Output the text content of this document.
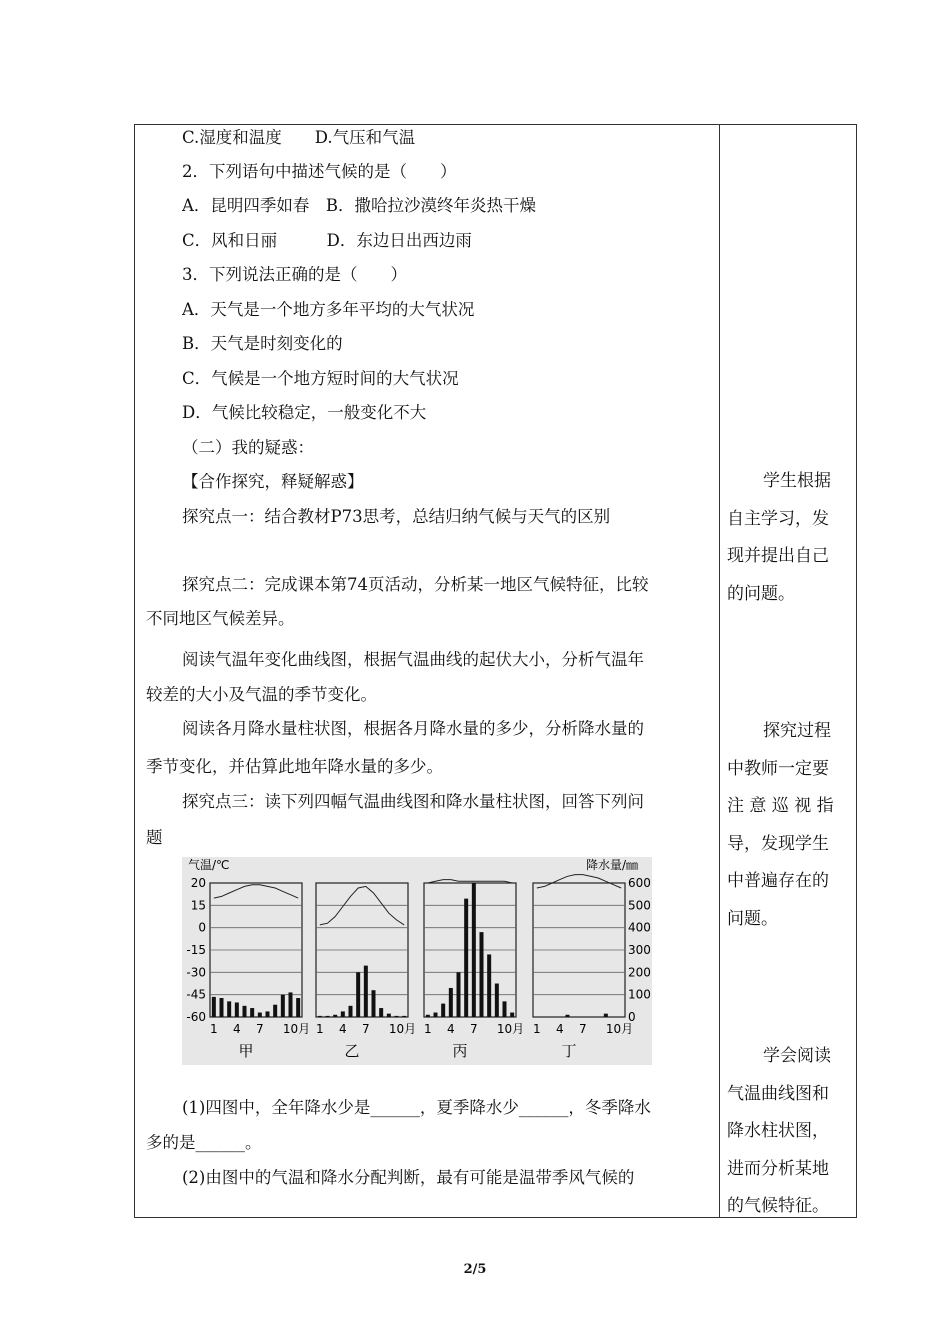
C.湿度和温度　　D.气压和气温
2．下列语句中描述气候的是（　　）
A．昆明四季如春　B．撒哈拉沙漠终年炎热干燥
C．风和日丽　　　D．东边日出西边雨
3．下列说法正确的是（　　）
A．天气是一个地方多年平均的大气状况
B．天气是时刻变化的
C．气候是一个地方短时间的大气状况
D．气候比较稳定，一般变化不大
（二）我的疑惑：
【合作探究，释疑解惑】
探究点一：结合教材P73思考，总结归纳气候与天气的区别
探究点二：完成课本第74页活动，分析某一地区气候特征，比较
不同地区气候差异。
阅读气温年变化曲线图，根据气温曲线的起伏大小，分析气温年
较差的大小及气温的季节变化。
阅读各月降水量柱状图，根据各月降水量的多少，分析降水量的
季节变化，并估算此地年降水量的多少。
探究点三：读下列四幅气温曲线图和降水量柱状图，回答下列问
题
(1)四图中，全年降水少是______，夏季降水少______，冬季降水
多的是______。
(2)由图中的气温和降水分配判断，最有可能是温带季风气候的

学生根据

自主学习，发

现并提出自己

的问题。

探究过程

中教师一定要

注 意 巡 视 指

导，发现学生

中普遍存在的

问题。

学会阅读

气温曲线图和

降水柱状图，

进而分析某地

的气候特征。

气温/℃	降水量/㎜
20
15
0
-15
-30
-45
-60
600
500
400
300
200
100
0
1 4 7 10月
甲
1 4 7 10月
乙
1 4 7 10月
丙
1 4 7 10月
丁
2/5
